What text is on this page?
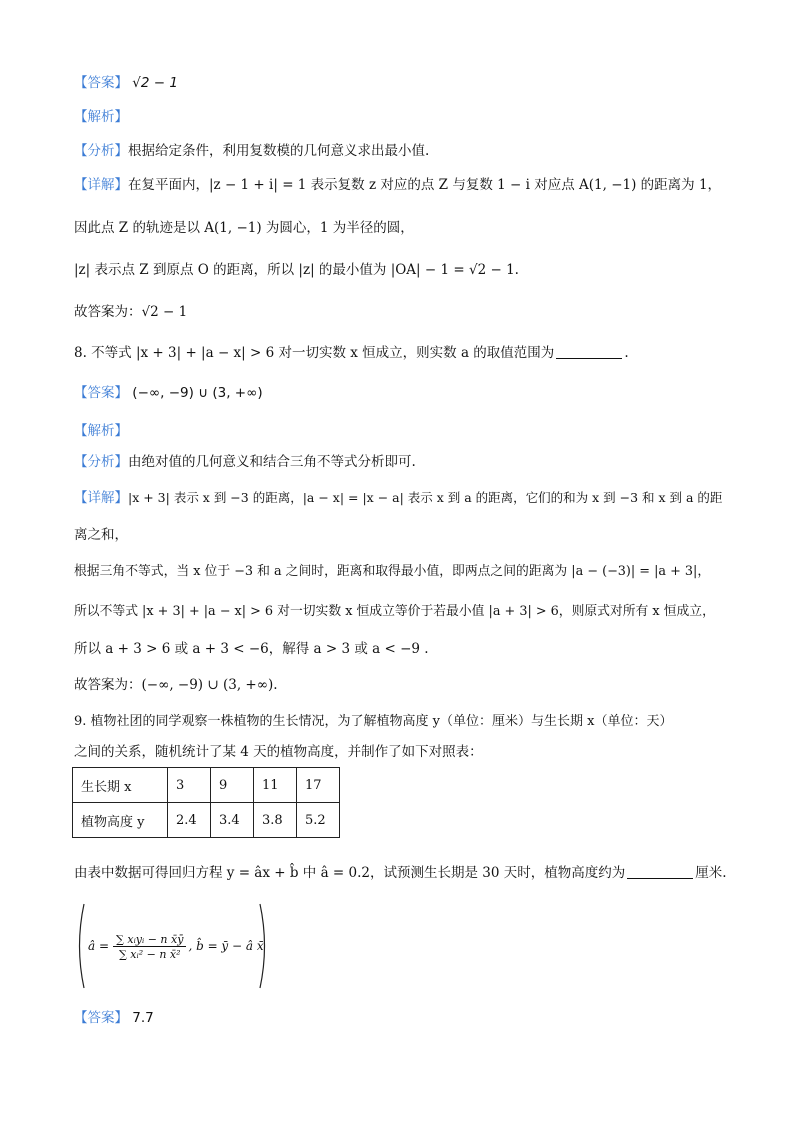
【答案】 √2 − 1
【解析】
【分析】根据给定条件，利用复数模的几何意义求出最小值.
【详解】在复平面内，|z − 1 + i| = 1 表示复数 z 对应的点 Z 与复数 1 − i 对应点 A(1, −1) 的距离为 1，
因此点 Z 的轨迹是以 A(1, −1) 为圆心，1 为半径的圆，
|z| 表示点 Z 到原点 O 的距离，所以 |z| 的最小值为 |OA| − 1 = √2 − 1.
故答案为：√2 − 1
8. 不等式 |x + 3| + |a − x| > 6 对一切实数 x 恒成立，则实数 a 的取值范围为	.
【答案】 (−∞, −9) ∪ (3, +∞)
【解析】
【分析】由绝对值的几何意义和结合三角不等式分析即可.
【详解】|x + 3| 表示 x 到 −3 的距离，|a − x| = |x − a| 表示 x 到 a 的距离，它们的和为 x 到 −3 和 x 到 a 的距
离之和，
根据三角不等式，当 x 位于 −3 和 a 之间时，距离和取得最小值，即两点之间的距离为 |a − (−3)| = |a + 3|，
所以不等式 |x + 3| + |a − x| > 6 对一切实数 x 恒成立等价于若最小值 |a + 3| > 6，则原式对所有 x 恒成立，
所以 a + 3 > 6 或 a + 3 < −6，解得 a > 3 或 a < −9 .
故答案为：(−∞, −9) ∪ (3, +∞).
9. 植物社团的同学观察一株植物的生长情况，为了解植物高度 y（单位：厘米）与生长期 x（单位：天）
之间的关系，随机统计了某 4 天的植物高度，并制作了如下对照表：
生长期 x	3	9	11	17
植物高度 y	2.4	3.4	3.8	5.2
由表中数据可得回归方程 y = âx + b̂ 中 â = 0.2，试预测生长期是 30 天时，植物高度约为	厘米.
â = $\frac{\text{∑ xᵢyᵢ − n x̄ȳ}}{\text{∑ xᵢ² − n x̄²}}$ , b̂ = ȳ − â x̄
【答案】 7.7
